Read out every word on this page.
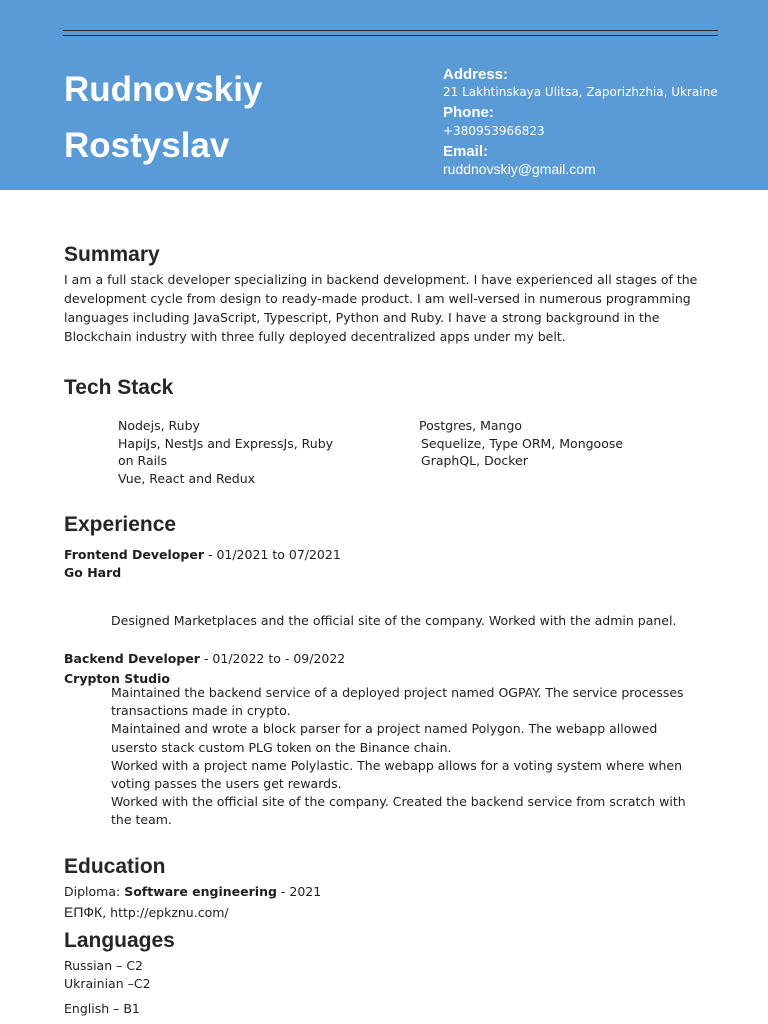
Rudnovskiy
Rostyslav
Address:
21 Lakhtinskaya Ulitsa, Zaporizhzhia, Ukraine
Phone:
+380953966823
Email:
ruddnovskiy@gmail.com
Summary
I am a full stack developer specializing in backend development. I have experienced all stages of the
development cycle from design to ready-made product. I am well-versed in numerous programming
languages including JavaScript, Typescript, Python and Ruby. I have a strong background in the
Blockchain industry with three fully deployed decentralized apps under my belt.
Tech Stack
Nodejs, Ruby
HapiJs, NestJs and ExpressJs, Ruby
on Rails
Vue, React and Redux
Postgres, Mango
Sequelize, Type ORM, Mongoose
GraphQL, Docker
Experience
Frontend Developer - 01/2021 to 07/2021
Go Hard
Designed Marketplaces and the official site of the company. Worked with the admin panel.
Backend Developer - 01/2022 to - 09/2022
Crypton Studio
Maintained the backend service of a deployed project named OGPAY. The service processes
transactions made in crypto.
Maintained and wrote a block parser for a project named Polygon. The webapp allowed
usersto stack custom PLG token on the Binance chain.
Worked with a project name Polylastic. The webapp allows for a voting system where when
voting passes the users get rewards.
Worked with the official site of the company. Created the backend service from scratch with
the team.
Education
Diploma: Software engineering - 2021
ЕПФК, http://epkznu.com/
Languages
Russian – C2
Ukrainian –C2
English – B1
